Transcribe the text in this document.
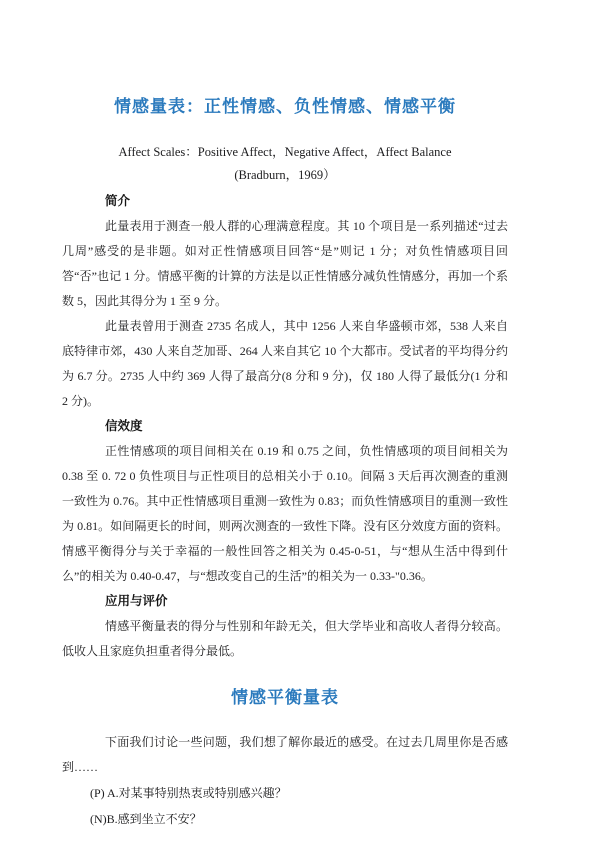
情感量表：正性情感、负性情感、情感平衡

Affect Scales：Positive Affect，Negative Affect，Affect Balance

(Bradburn，1969）

简介

此量表用于测查一般人群的心理满意程度。其 10 个项目是一系列描述“过去几周”感受的是非题。如对正性情感项目回答“是”则记 1 分；对负性情感项目回答“否”也记 1 分。情感平衡的计算的方法是以正性情感分减负性情感分，再加一个系数 5，因此其得分为 1 至 9 分。

此量表曾用于测查 2735 名成人，其中 1256 人来自华盛顿市郊，538 人来自底特律市郊，430 人来自芝加哥、264 人来自其它 10 个大都市。受试者的平均得分约为 6.7 分。2735 人中约 369 人得了最高分(8 分和 9 分)，仅 180 人得了最低分(1 分和 2 分)。

信效度

正性情感项的项目间相关在 0.19 和 0.75 之间，负性情感项的项目间相关为 0.38 至 0. 72 0 负性项目与正性项目的总相关小于 0.10。间隔 3 天后再次测查的重测一致性为 0.76。其中正性情感项目重测一致性为 0.83；而负性情感项目的重测一致性为 0.81。如间隔更长的时间，则两次测查的一致性下降。没有区分效度方面的资料。情感平衡得分与关于幸福的一般性回答之相关为 0.45-0-51，与“想从生活中得到什么”的相关为 0.40-0.47，与“想改变自己的生活”的相关为一 0.33-"0.36。

应用与评价

情感平衡量表的得分与性别和年龄无关，但大学毕业和高收人者得分较高。低收人且家庭负担重者得分最低。

情感平衡量表

下面我们讨论一些问题，我们想了解你最近的感受。在过去几周里你是否感到……

(P) A.对某事特别热衷或特别感兴趣？

(N)B.感到坐立不安？
